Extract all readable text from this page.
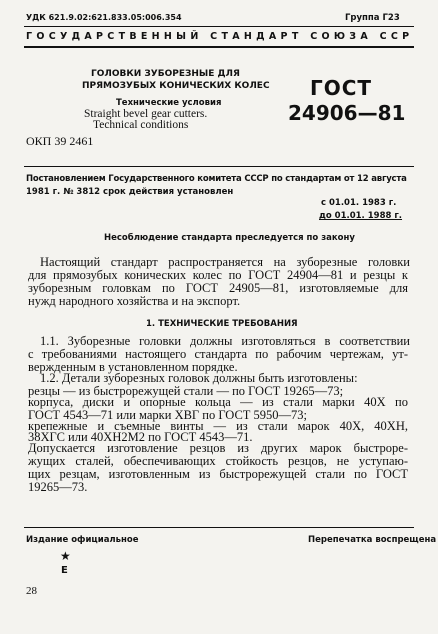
УДК 621.9.02:621.833.05:006.354	Группа Г23
ГОСУДАРСТВЕННЫЙ СТАНДАРТ СОЮЗА ССР
ГОЛОВКИ ЗУБОРЕЗНЫЕ ДЛЯ
ПРЯМОЗУБЫХ КОНИЧЕСКИХ КОЛЕС
Технические условия
Straight bevel gear cutters.
Technical conditions
ГОСТ
24906—81
ОКП 39 2461
Постановлением Государственного комитета СССР по стандартам от 12 августа
1981 г. № 3812 срок действия установлен
с 01.01. 1983 г.
до 01.01. 1988 г.
Несоблюдение стандарта преследуется по закону
Настоящий стандарт распространяется на зуборезные головки
для прямозубых конических колес по ГОСТ 24904—81 и резцы к
зуборезным головкам по ГОСТ 24905—81, изготовляемые для
нужд народного хозяйства и на экспорт.
1. ТЕХНИЧЕСКИЕ ТРЕБОВАНИЯ
1.1. Зуборезные головки должны изготовляться в соответствии
с требованиями настоящего стандарта по рабочим чертежам, ут-
вержденным в установленном порядке.
1.2. Детали зуборезных головок должны быть изготовлены:
резцы — из быстрорежущей стали — по ГОСТ 19265—73;
корпуса, диски и опорные кольца — из стали марки 40Х по
ГОСТ 4543—71 или марки ХВГ по ГОСТ 5950—73;
крепежные и съемные винты — из стали марок 40Х, 40ХН,
38ХГС или 40ХН2М2 по ГОСТ 4543—71.
Допускается изготовление резцов из других марок быстроре-
жущих сталей, обеспечивающих стойкость резцов, не уступаю-
щих резцам, изготовленным из быстрорежущей стали по ГОСТ
19265—73.
Издание официальное	Перепечатка воспрещена
★
Е
28
